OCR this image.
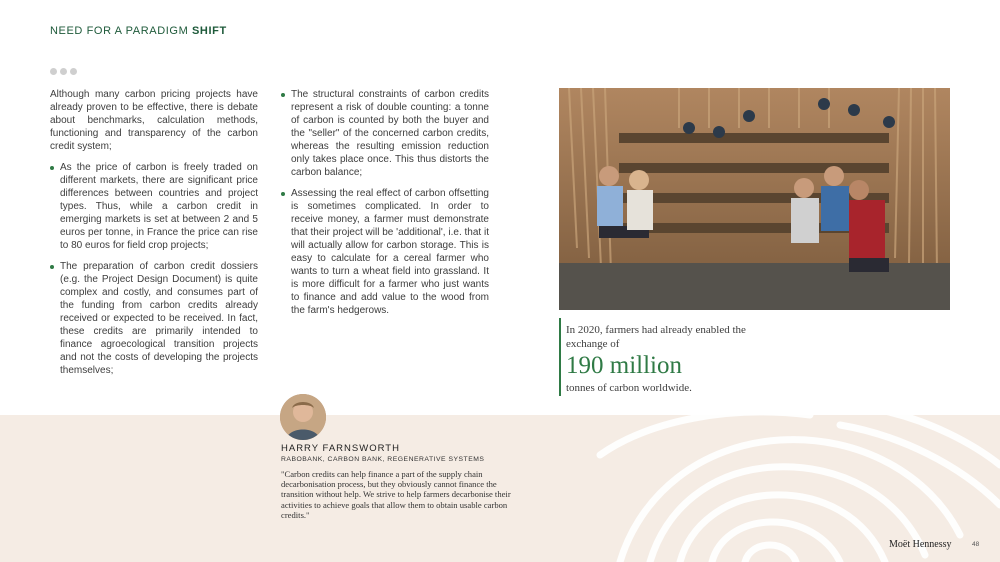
NEED FOR A PARADIGM SHIFT

Although many carbon pricing projects have already proven to be effective, there is debate about benchmarks, calculation methods, functioning and transparency of the carbon credit system;

As the price of carbon is freely traded on different markets, there are significant price differences between countries and project types. Thus, while a carbon credit in emerging markets is set at between 2 and 5 euros per tonne, in France the price can rise to 80 euros for field crop projects;
The preparation of carbon credit dossiers (e.g. the Project Design Document) is quite complex and costly, and consumes part of the funding from carbon credits already received or expected to be received. In fact, these credits are primarily intended to finance agroecological transition projects and not the costs of developing the projects themselves;
The structural constraints of carbon credits represent a risk of double counting: a tonne of carbon is counted by both the buyer and the "seller" of the concerned carbon credits, whereas the resulting emission reduction only takes place once. This thus distorts the carbon balance;
Assessing the real effect of carbon offsetting is sometimes complicated. In order to receive money, a farmer must demonstrate that their project will be 'additional', i.e. that it will actually allow for carbon storage. This is easy to calculate for a cereal farmer who wants to turn a wheat field into grassland. It is more difficult for a farmer who just wants to finance and add value to the wood from the farm's hedgerows.
In 2020, farmers had already enabled the exchange of
190 million
tonnes of carbon worldwide.
HARRY FARNSWORTH
RABOBANK, CARBON BANK, REGENERATIVE SYSTEMS
"Carbon credits can help finance a part of the supply chain decarbonisation process, but they obviously cannot finance the transition without help. We strive to help farmers decarbonise their activities to achieve goals that allow them to obtain usable carbon credits."
Moët Hennessy	48
